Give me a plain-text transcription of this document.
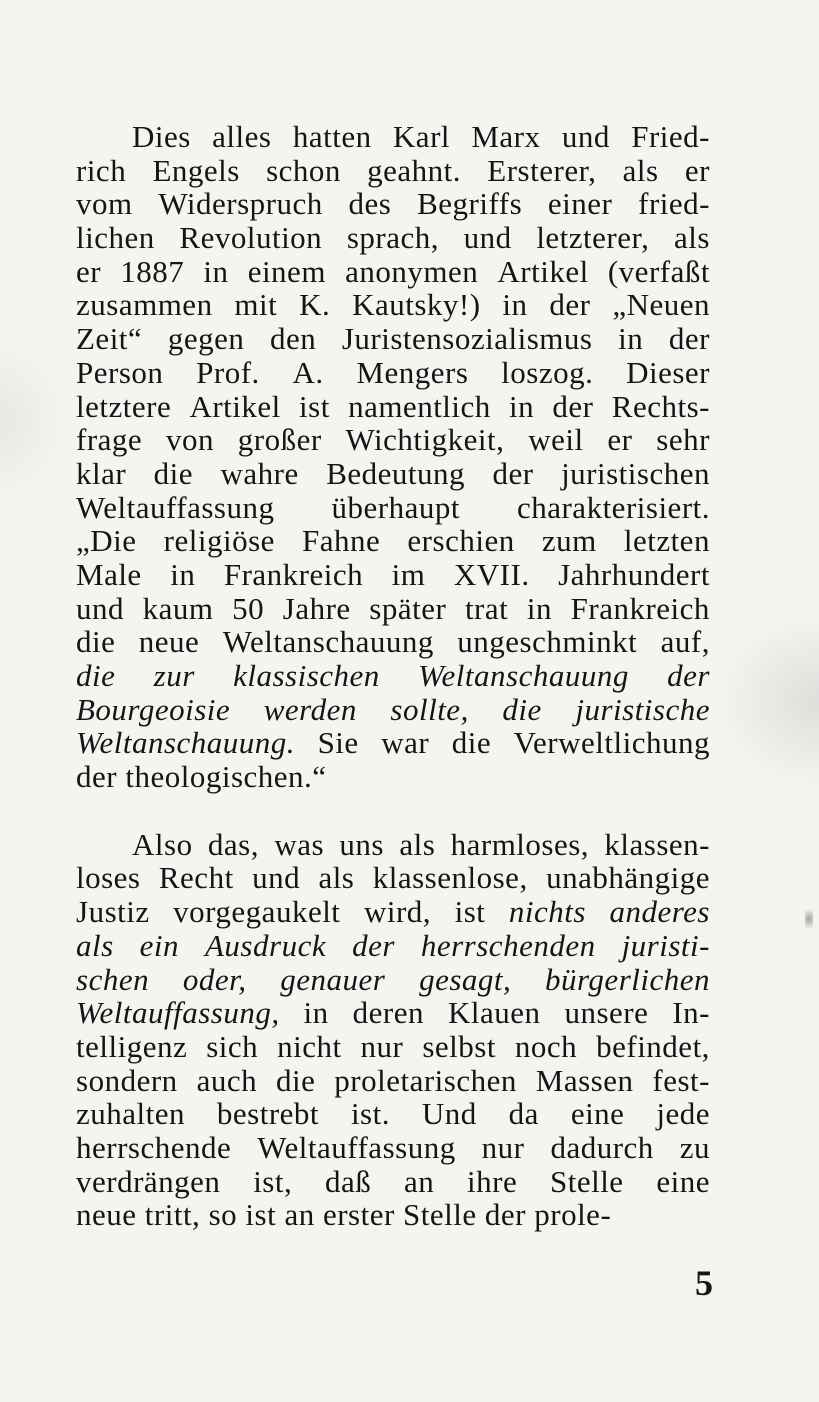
Dies alles hatten Karl Marx und Fried‑
rich Engels schon geahnt. Ersterer, als er
vom Widerspruch des Begriffs einer fried‑
lichen Revolution sprach, und letzterer, als
er 1887 in einem anonymen Artikel (verfaßt
zusammen mit K. Kautsky!) in der „Neuen
Zeit“ gegen den Juristensozialismus in der
Person Prof. A. Mengers loszog. Dieser
letztere Artikel ist namentlich in der Rechts‑
frage von großer Wichtigkeit, weil er sehr
klar die wahre Bedeutung der juristischen
Weltauffassung überhaupt charakterisiert.
„Die religiöse Fahne erschien zum letzten
Male in Frankreich im XVII. Jahrhundert
und kaum 50 Jahre später trat in Frankreich
die neue Weltanschauung ungeschminkt auf,
die zur klassischen Weltanschauung der
Bourgeoisie werden sollte, die juristische
Weltanschauung. Sie war die Verweltlichung
der
theologischen.“

Also das, was uns als harmloses, klassen‑
loses Recht und als klassenlose, unabhängige
Justiz vorgegaukelt wird, ist nichts anderes
als ein Ausdruck der herrschenden juristi‑
schen oder, genauer gesagt, bürgerlichen
Weltauffassung, in deren Klauen unsere In‑
telligenz sich nicht nur selbst noch befindet,
sondern auch die proletarischen Massen fest‑
zuhalten bestrebt ist. Und da eine jede
herrschende Weltauffassung nur dadurch zu
verdrängen ist, daß an ihre Stelle eine
neue
tritt,
so
ist
an
erster
Stelle
der
prole‑

5
